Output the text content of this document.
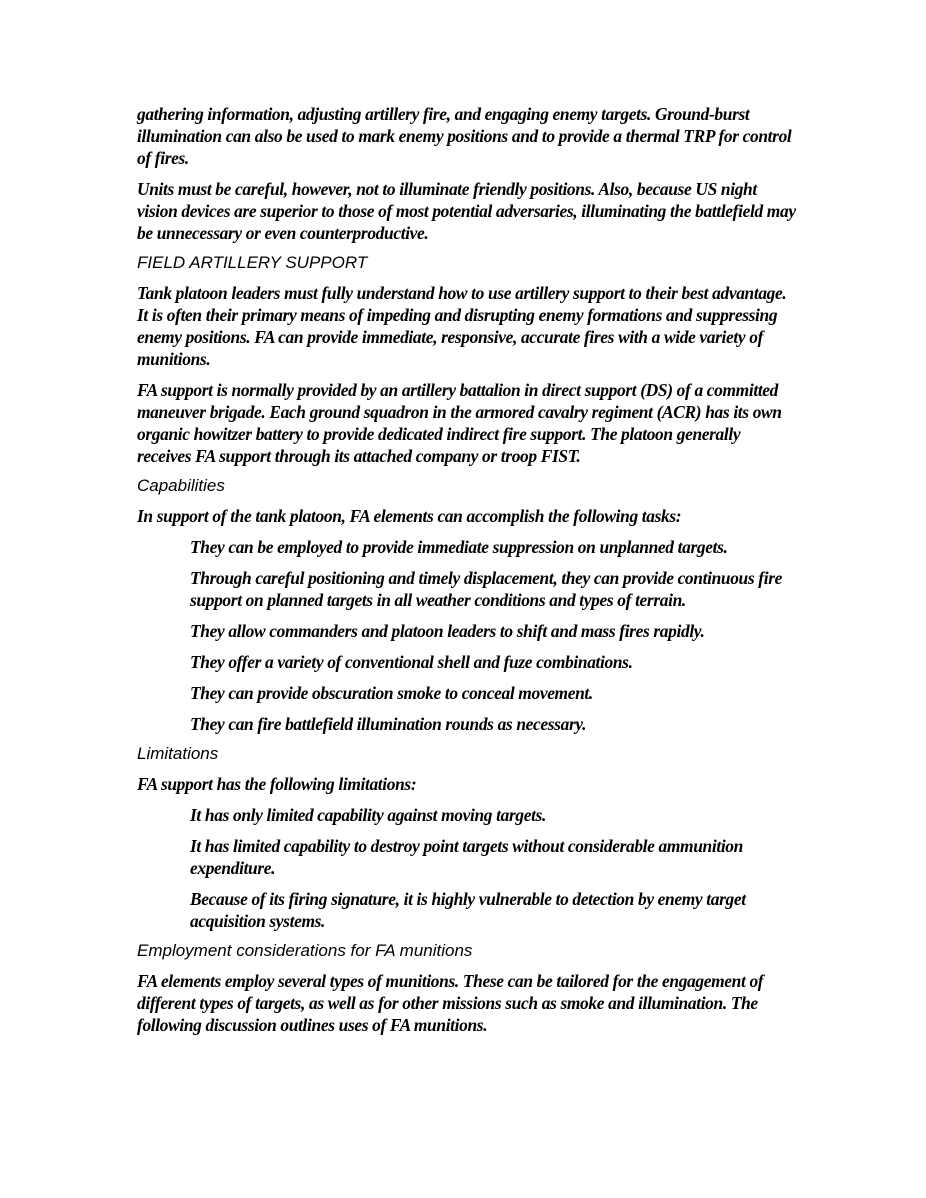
gathering information, adjusting artillery fire, and engaging enemy targets. Ground-burst illumination can also be used to mark enemy positions and to provide a thermal TRP for control of fires.

Units must be careful, however, not to illuminate friendly positions. Also, because US night vision devices are superior to those of most potential adversaries, illuminating the battlefield may be unnecessary or even counterproductive.

FIELD ARTILLERY SUPPORT

Tank platoon leaders must fully understand how to use artillery support to their best advantage. It is often their primary means of impeding and disrupting enemy formations and suppressing enemy positions. FA can provide immediate, responsive, accurate fires with a wide variety of munitions.

FA support is normally provided by an artillery battalion in direct support (DS) of a committed maneuver brigade. Each ground squadron in the armored cavalry regiment (ACR) has its own organic howitzer battery to provide dedicated indirect fire support. The platoon generally receives FA support through its attached company or troop FIST.

Capabilities

In support of the tank platoon, FA elements can accomplish the following tasks:

They can be employed to provide immediate suppression on unplanned targets.

Through careful positioning and timely displacement, they can provide continuous fire support on planned targets in all weather conditions and types of terrain.

They allow commanders and platoon leaders to shift and mass fires rapidly.

They offer a variety of conventional shell and fuze combinations.

They can provide obscuration smoke to conceal movement.

They can fire battlefield illumination rounds as necessary.

Limitations

FA support has the following limitations:

It has only limited capability against moving targets.

It has limited capability to destroy point targets without considerable ammunition expenditure.

Because of its firing signature, it is highly vulnerable to detection by enemy target acquisition systems.

Employment considerations for FA munitions

FA elements employ several types of munitions. These can be tailored for the engagement of different types of targets, as well as for other missions such as smoke and illumination. The following discussion outlines uses of FA munitions.
